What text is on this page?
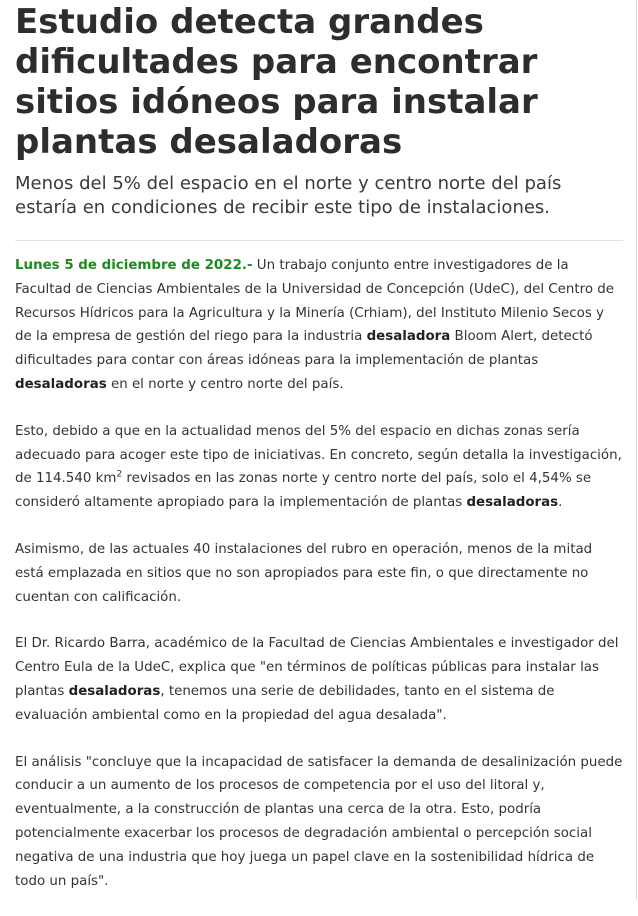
Estudio detecta grandes dificultades para encontrar sitios idóneos para instalar plantas desaladoras

Menos del 5% del espacio en el norte y centro norte del país estaría en condiciones de recibir este tipo de instalaciones.

Lunes 5 de diciembre de 2022.- Un trabajo conjunto entre investigadores de la Facultad de Ciencias Ambientales de la Universidad de Concepción (UdeC), del Centro de Recursos Hídricos para la Agricultura y la Minería (Crhiam), del Instituto Milenio Secos y de la empresa de gestión del riego para la industria desaladora Bloom Alert, detectó dificultades para contar con áreas idóneas para la implementación de plantas desaladoras en el norte y centro norte del país.

Esto, debido a que en la actualidad menos del 5% del espacio en dichas zonas sería adecuado para acoger este tipo de iniciativas. En concreto, según detalla la investigación, de 114.540 $km^2$ revisados en las zonas norte y centro norte del país, solo el 4,54% se consideró altamente apropiado para la implementación de plantas desaladoras.

Asimismo, de las actuales 40 instalaciones del rubro en operación, menos de la mitad está emplazada en sitios que no son apropiados para este fin, o que directamente no cuentan con calificación.

El Dr. Ricardo Barra, académico de la Facultad de Ciencias Ambientales e investigador del Centro Eula de la UdeC, explica que "en términos de políticas públicas para instalar las plantas desaladoras, tenemos una serie de debilidades, tanto en el sistema de evaluación ambiental como en la propiedad del agua desalada".

El análisis "concluye que la incapacidad de satisfacer la demanda de desalinización puede conducir a un aumento de los procesos de competencia por el uso del litoral y, eventualmente, a la construcción de plantas una cerca de la otra. Esto, podría potencialmente exacerbar los procesos de degradación ambiental o percepción social negativa de una industria que hoy juega un papel clave en la sostenibilidad hídrica de todo un país".
